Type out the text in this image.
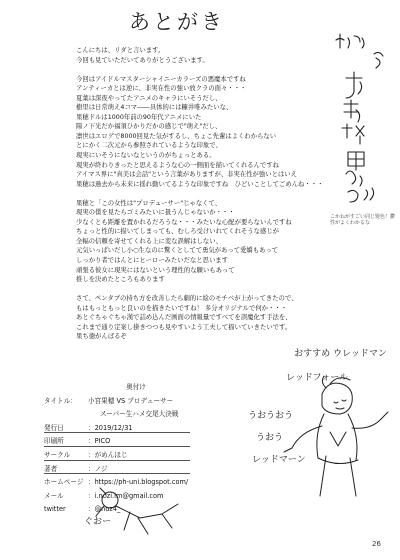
あとがき
こんにちは、リダと言います。
今回も見ていただいてありがとうございます。
今回はアイドルマスターシャイニーカラーズの悪魔本ですね
アンティーカとは逆に、非実在性の強い放クラの面々・・・
夏葉は深夜やってたアニメのキャラにいそうだし、
樹里は日常萌え4コマ――具体的には糠井唯みたいな、
果穂ドルは1000年前の90年代アニメにいた
陽ノ下光だか福須ひかりだかの感じで"萌え"だし、
凛世はエロゲで8000回見た気がするし、ちょこ先輩はよくわからない
とにかく二次元から参照されているような印象で、
現実にいそうにないなというのがちょっとある。
現実が終わりきったと思えるような心の一側面を描いてくれるんですね
アイマス界に"真美は会話"という言葉がありますが、非実在性が強いとはいえ
果穂は過去から未来に揺れ動いてるような印象ですね　ひどいことしてごめんね・・・
果穂と「この女性は"プロデューサー"じゃなくて、
現実の僕を見たらゴミみたいに扱うんじゃないか・・・
少なくとも距離を置かれるだろうな・・・みたいな心配が要らないんですね
ちょっと性的に描いてしまっても、むしろ受けいれてくれそうな感じが
全幅の信頼を寄せてくれる上に変な誤解はしない、
元気いっぱいだし小○生なのに驚くとしてて勇気があって愛嬌もあって
しっかり者ではんとにヒーローみたいだなと思います
頑張る彼女に現実にはないという理性的な願いもあって
推しを決めたところもあります
さて、ペンタブの持ち方を改善したら劇的に絵のモチベが上がってきたので、
もはもっともっと良いのを描きたいですね！ 多分オリジナルで何か・・・
あとぐちゃぐちゃ漢で詰め込んだ画面の情報量ですべてを誤魔化す手法を、
これまで通り定案し掛きつつも見やすいよう工夫して描いていきたいです。
果ち徳がんばるぞ
奥付け
タイトル：	小宮果穂 VS プロデューサー
スーパー生ハメ交尾大決戦
発行日	：2019/12/31
印刷所	：PICO
サークル	：がめんほじ
著者	：ノジ
ホームページ ：https://ph-uni.blogspot.com/
メール	：i.nozi.im@gmail.com
twitter	：@noz4_
おすすめ ウレッドマン
レッドフォール
うおうおう
うおう
レッドマーン
ぐおー
26
こかねがすごい同じ髪色！鬱性がよくわかるな
